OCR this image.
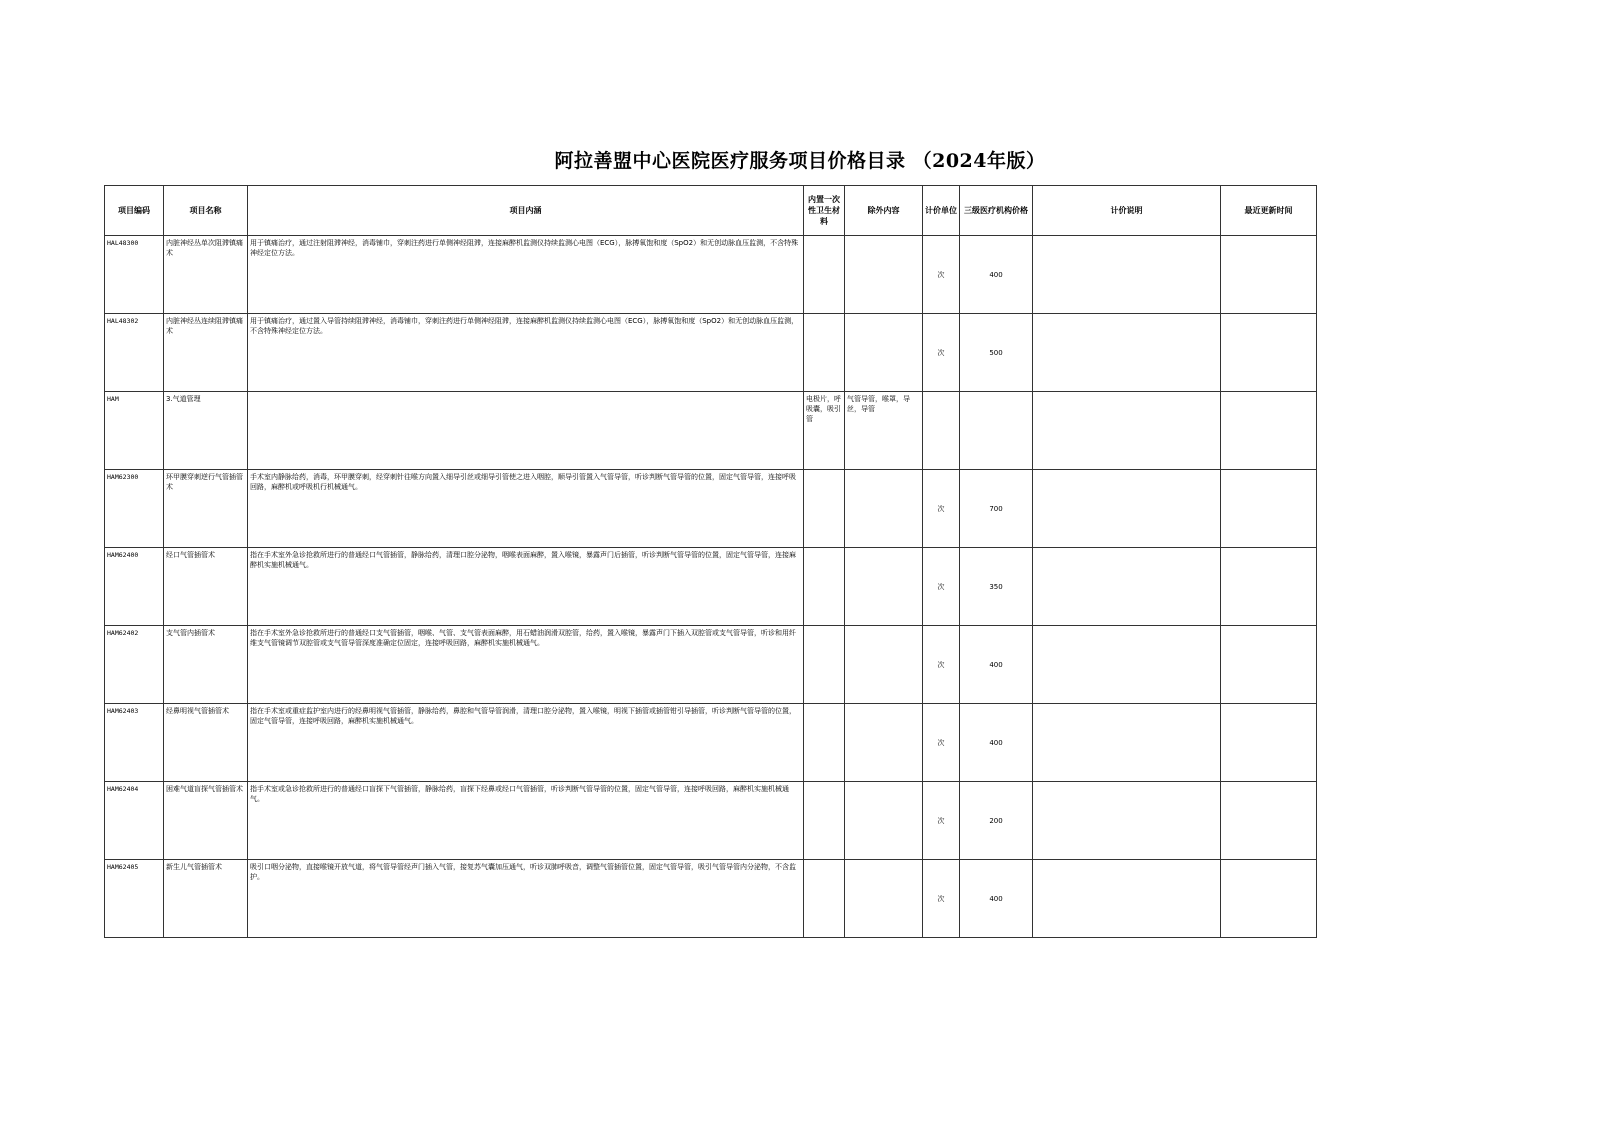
阿拉善盟中心医院医疗服务项目价格目录 （2024年版）
项目编码	项目名称	项目内涵	内置一次性卫生材料	除外内容	计价单位	三级医疗机构价格	计价说明	最近更新时间
HAL48300	内脏神经丛单次阻滞镇痛术	用于镇痛治疗，通过注射阻滞神经，消毒铺巾，穿刺注药进行单侧神经阻滞，连接麻醉机监测仪持续监测心电图（ECG），脉搏氧饱和度（SpO2）和无创动脉血压监测，不含特殊神经定位方法。			次	400		
HAL48302	内脏神经丛连续阻滞镇痛术	用于镇痛治疗，通过置入导管持续阻滞神经，消毒铺巾，穿刺注药进行单侧神经阻滞，连接麻醉机监测仪持续监测心电图（ECG），脉搏氧饱和度（SpO2）和无创动脉血压监测，不含特殊神经定位方法。			次	500		
HAM	3.气道管理		电极片，呼吸囊，吸引管	气管导管，喉罩，导丝，导管				
HAM62300	环甲膜穿刺逆行气管插管术	手术室内静脉给药，消毒，环甲膜穿刺，经穿刺针往喉方向置入细导引丝或细导引管使之进入咽腔，顺导引管置入气管导管，听诊判断气管导管的位置，固定气管导管，连接呼吸回路，麻醉机或呼吸机行机械通气。			次	700		
HAM62400	经口气管插管术	指在手术室外急诊抢救所进行的普通经口气管插管，静脉给药，清理口腔分泌物，咽喉表面麻醉，置入喉镜，暴露声门后插管，听诊判断气管导管的位置，固定气管导管，连接麻醉机实施机械通气。			次	350		
HAM62402	支气管内插管术	指在手术室外急诊抢救所进行的普通经口支气管插管，咽喉、气管、支气管表面麻醉，用石蜡油润滑双腔管，给药，置入喉镜，暴露声门下插入双腔管或支气管导管，听诊和用纤维支气管镜调节双腔管或支气管导管深度准确定位固定，连接呼吸回路，麻醉机实施机械通气。			次	400		
HAM62403	经鼻明视气管插管术	指在手术室或重症监护室内进行的经鼻明视气管插管，静脉给药，鼻腔和气管导管润滑，清理口腔分泌物，置入喉镜，明视下插管或插管钳引导插管，听诊判断气管导管的位置，固定气管导管，连接呼吸回路，麻醉机实施机械通气。			次	400		
HAM62404	困难气道盲探气管插管术	指手术室或急诊抢救所进行的普通经口盲探下气管插管，静脉给药，盲探下经鼻或经口气管插管，听诊判断气管导管的位置，固定气管导管，连接呼吸回路，麻醉机实施机械通气。			次	200		
HAM62405	新生儿气管插管术	吸引口咽分泌物，直接喉镜开放气道，将气管导管经声门插入气管，接复苏气囊加压通气，听诊双肺呼吸音，调整气管插管位置，固定气管导管，吸引气管导管内分泌物，不含监护。			次	400		
